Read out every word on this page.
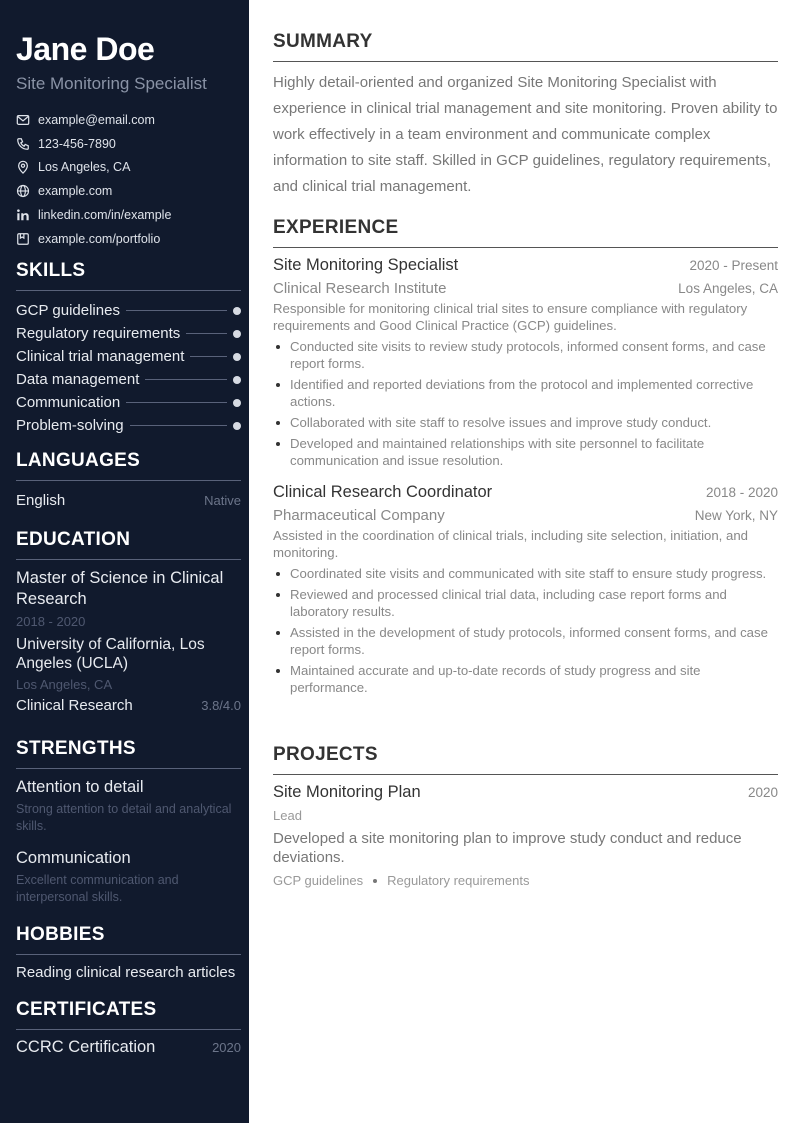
Jane Doe
Site Monitoring Specialist
example@email.com
123-456-7890
Los Angeles, CA
example.com
linkedin.com/in/example
example.com/portfolio
SKILLS
GCP guidelines
Regulatory requirements
Clinical trial management
Data management
Communication
Problem-solving
LANGUAGES
English	Native
EDUCATION
Master of Science in Clinical Research
2018 - 2020
University of California, Los Angeles (UCLA)
Los Angeles, CA
Clinical Research	3.8/4.0
STRENGTHS
Attention to detail
Strong attention to detail and analytical skills.
Communication
Excellent communication and interpersonal skills.
HOBBIES
Reading clinical research articles
CERTIFICATES
CCRC Certification	2020
SUMMARY

Highly detail-oriented and organized Site Monitoring Specialist with experience in clinical trial management and site monitoring. Proven ability to work effectively in a team environment and communicate complex information to site staff. Skilled in GCP guidelines, regulatory requirements, and clinical trial management.

EXPERIENCE
Site Monitoring Specialist	2020 - Present
Clinical Research Institute	Los Angeles, CA

Responsible for monitoring clinical trial sites to ensure compliance with regulatory requirements and Good Clinical Practice (GCP) guidelines.

Conducted site visits to review study protocols, informed consent forms, and case report forms.
Identified and reported deviations from the protocol and implemented corrective actions.
Collaborated with site staff to resolve issues and improve study conduct.
Developed and maintained relationships with site personnel to facilitate communication and issue resolution.
Clinical Research Coordinator	2018 - 2020
Pharmaceutical Company	New York, NY

Assisted in the coordination of clinical trials, including site selection, initiation, and monitoring.

Coordinated site visits and communicated with site staff to ensure study progress.
Reviewed and processed clinical trial data, including case report forms and laboratory results.
Assisted in the development of study protocols, informed consent forms, and case report forms.
Maintained accurate and up-to-date records of study progress and site performance.
PROJECTS
Site Monitoring Plan	2020
Lead

Developed a site monitoring plan to improve study conduct and reduce deviations.

GCP guidelines Regulatory requirements
